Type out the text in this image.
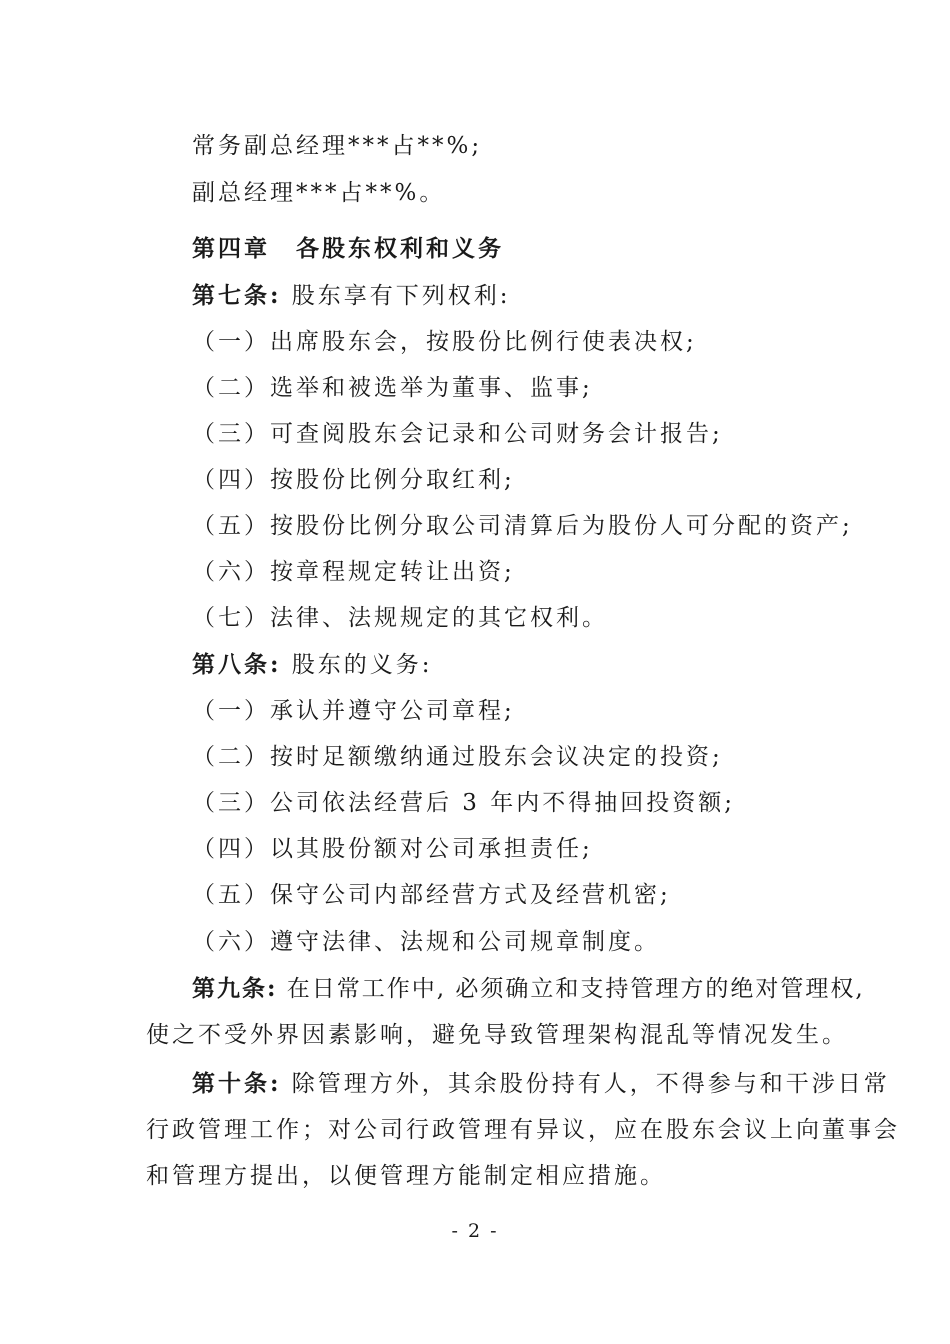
常务副总经理***占**%;
副总经理***占**%。
第四章　各股东权利和义务
第七条: 股东享有下列权利:
（一）出席股东会，按股份比例行使表决权;
（二）选举和被选举为董事、监事;
（三）可查阅股东会记录和公司财务会计报告;
（四）按股份比例分取红利;
（五）按股份比例分取公司清算后为股份人可分配的资产;
（六）按章程规定转让出资;
（七）法律、法规规定的其它权利。
第八条: 股东的义务:
（一）承认并遵守公司章程;
（二）按时足额缴纳通过股东会议决定的投资;
（三）公司依法经营后 3 年内不得抽回投资额;
（四）以其股份额对公司承担责任;
（五）保守公司内部经营方式及经营机密;
（六）遵守法律、法规和公司规章制度。
第九条: 在日常工作中, 必须确立和支持管理方的绝对管理权,
使之不受外界因素影响，避免导致管理架构混乱等情况发生。
第十条: 除管理方外，其余股份持有人，不得参与和干涉日常
行政管理工作；对公司行政管理有异议，应在股东会议上向董事会
和管理方提出，以便管理方能制定相应措施。
- 2 -
